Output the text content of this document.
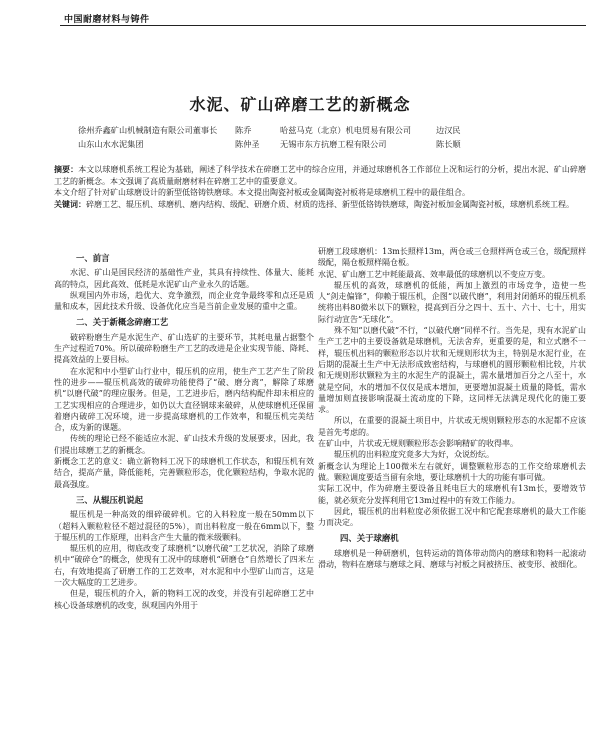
中国耐磨材料与铸件
水泥、矿山碎磨工艺的新概念
徐州乔鑫矿山机械制造有限公司董事长 陈乔	哈兹马克（北京）机电贸易有限公司	边汉民
山东山水水泥集团	陈仲圣 无锡市东方抗磨工程有限公司	陈长顺

摘要：本文以球磨机系统工程论为基础，阐述了科学技术在碎磨工艺中的综合应用，并通过球磨机各工作部位上况和运行的分析，提出水泥、矿山碎磨工艺的新概念。本文强调了高质量耐磨材料在碎磨工艺中的重要意义。

本文介绍了针对矿山球磨设计的新型低铬铸铁磨球。本文提出陶瓷衬板或金属陶瓷衬板将是球磨机工程中的最佳组合。

关键词：碎磨工艺、辊压机、球磨机、磨内结构、级配、研磨介质、材质的选择、新型低铬铸铁磨球，陶瓷衬板加金属陶瓷衬板，球磨机系统工程。

一、前言

水泥、矿山是国民经济的基础性产业，其具有持续性、体量大、能耗高的特点，因此高效、低耗是水泥矿山产业永久的话题。

纵观国内外市场，趋优大、竞争激烈，而企业竞争最终零和点还是质量和成本，因此技术升级、设备优化应当是当前企业发展的重中之重。

二、关于新概念碎磨工艺

破碎粉磨生产是水泥生产、矿山选矿的主要环节，其耗电量占据整个生产过程近70%。所以破碎粉磨生产工艺的改进是企业实现节能、降耗、提高效益的上要目标。

在水泥和中小型矿山行业中，辊压机的应用，使生产工艺产生了阶段性的进步——辊压机高效的破碎功能使得了“破、磨分离”，解除了球磨机“以磨代破”的理应服务。但是，工艺进步后，磨内结构配件却未相应的工艺实现相应的合理进步，如仍以大直径钢球来破碎，从使球磨机还保留着磨内破碎工况环境，进一步提高球磨机的工作效率，和辊压机完美结合，成为新的课题。

传统的理论已经不能适应水泥、矿山技术升级的发展要求，因此，我们提出球磨工艺的新概念。

新概念工艺的意义：确立新物料工况下的球磨机工作状态，和辊压机有效结合，提高产量，降低能耗，完善颗粒形态，优化颗粒结构，争取水泥的最高强度。

三、从辊压机说起

辊压机是一种高效的细碎破碎机。它的入料粒度一般在50mm以下（超料入颗粒粒径不超过混径的5%），而出料粒度一般在6mm以下，整于辊压机的工作原理，出料含产生大量的微米级颗料。

辊压机的应用，彻底改变了球磨机“以磨代破”工艺状况，消除了球磨机中“破碎仓”的概念，使现有工况中的球磨机“研磨仓”自然增长了四米左右，有效地提高了研磨工作的工艺效率，对水泥和中小型矿山而言，这是一次大幅度的工艺进步。

但是，辊压机的介入，新的物料工况的改变，并没有引起碎磨工艺中核心设备球磨机的改变，纵观国内外用于

研磨工段球磨机：13m长照样13m，两仓或三仓照样两仓或三仓，级配照样级配，隔仓板照样隔仓板。

水泥、矿山磨工艺中耗能最高、效率最低的球磨机以不变应万变。

辊压机的高效，球磨机的低能，两加上激烈的市场竞争，造使一些人“剑走偏锋”，仰赖于辊压机，企图“以破代磨”，利用封闭循环的辊压机系统将出料80微米以下的颗粒，提高到百分之四十、五十、六十、七十，用实际行动宣告“无球化”。

殊不知“以磨代破”不行，“以破代磨”同样不行。当先是，现有水泥矿山生产工艺中的主要设备就是球磨机，无法舍弃，更重要的是，和立式磨不一样，辊压机出料的颗粒形态以片状和无规则形状为主，特别是水泥行业，在后期的混凝土生产中无法形成致密结构，与球磨机的圆形颗粒相比较，片状和无规则形状颗粒为主的水泥生产的混凝土，需水量增加百分之八至十，水就是空间，水的增加不仅仅是成本增加，更要增加混凝土质量的降低，需水量增加则直接影响混凝土流动度的下降，这同样无法满足现代化的施工要求。

所以，在重要的混凝土项目中，片状或无规则颗粒形态的水泥都不应该是首先考虑的。

在矿山中，片状或无规则颗粒形态会影响精矿的收得率。

辊压机的出料粒度究竟多大为好，众说纷纭。

新概念认为理论上100微米左右就好，调整颗粒形态的工作交给球磨机去做。颗粒调度要适当留有余地，要让球磨机十大的功能有事可做。

实际工况中，作为碎磨主要设备且耗电巨大的球磨机有13m长，要增效节能，就必须充分发挥利用它13m过程中的有效工作能力。

因此，辊压机的出料粒度必须依据工况中和它配套球磨机的最大工作能力而决定。

四、关于球磨机

球磨机是一种研磨机，包转运动的筒体带动筒内的磨球和物料一起滚动滑动，物料在磨球与磨球之间、磨球与衬板之间被挤压、被变形、被细化。
